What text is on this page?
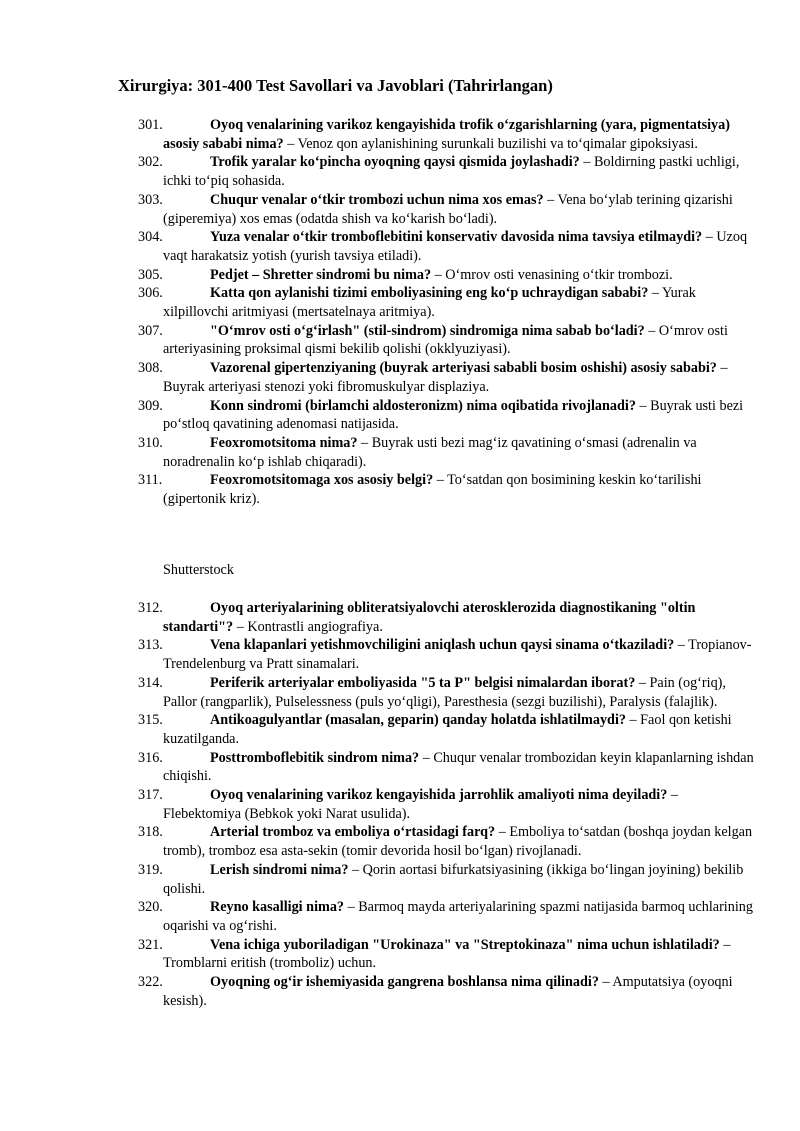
Xirurgiya: 301-400 Test Savollari va Javoblari (Tahrirlangan)
301.	Oyoq venalarining varikoz kengayishida trofik o‘zgarishlarning (yara, pigmentatsiya) asosiy sababi nima? – Venoz qon aylanishining surunkali buzilishi va to‘qimalar gipoksiyasi.
302.	Trofik yaralar ko‘pincha oyoqning qaysi qismida joylashadi? – Boldirning pastki uchligi, ichki to‘piq sohasida.
303.	Chuqur venalar o‘tkir trombozi uchun nima xos emas? – Vena bo‘ylab terining qizarishi (giperemiya) xos emas (odatda shish va ko‘karish bo‘ladi).
304.	Yuza venalar o‘tkir tromboflebitini konservativ davosida nima tavsiya etilmaydi? – Uzoq vaqt harakatsiz yotish (yurish tavsiya etiladi).
305.	Pedjet – Shretter sindromi bu nima? – O‘mrov osti venasining o‘tkir trombozi.
306.	Katta qon aylanishi tizimi emboliyasining eng ko‘p uchraydigan sababi? – Yurak xilpillovchi aritmiyasi (mertsatelnaya aritmiya).
307.	"O‘mrov osti o‘g‘irlash" (stil-sindrom) sindromiga nima sabab bo‘ladi? – O‘mrov osti arteriyasining proksimal qismi bekilib qolishi (okklyuziyasi).
308.	Vazorenal gipertenziyaning (buyrak arteriyasi sababli bosim oshishi) asosiy sababi? – Buyrak arteriyasi stenozi yoki fibromuskulyar displaziya.
309.	Konn sindromi (birlamchi aldosteronizm) nima oqibatida rivojlanadi? – Buyrak usti bezi po‘stloq qavatining adenomasi natijasida.
310.	Feoxromotsitoma nima? – Buyrak usti bezi mag‘iz qavatining o‘smasi (adrenalin va noradrenalin ko‘p ishlab chiqaradi).
311.	Feoxromotsitomaga xos asosiy belgi? – To‘satdan qon bosimining keskin ko‘tarilishi (gipertonik kriz).
Shutterstock
312.	Oyoq arteriyalarining obliteratsiyalovchi aterosklerozida diagnostikaning "oltin standarti"? – Kontrastli angiografiya.
313.	Vena klapanlari yetishmovchiligini aniqlash uchun qaysi sinama o‘tkaziladi? – Tropianov-Trendelenburg va Pratt sinamalari.
314.	Periferik arteriyalar emboliyasida "5 ta P" belgisi nimalardan iborat? – Pain (og‘riq), Pallor (rangparlik), Pulselessness (puls yo‘qligi), Paresthesia (sezgi buzilishi), Paralysis (falajlik).
315.	Antikoagulyantlar (masalan, geparin) qanday holatda ishlatilmaydi? – Faol qon ketishi kuzatilganda.
316.	Posttromboflebitik sindrom nima? – Chuqur venalar trombozidan keyin klapanlarning ishdan chiqishi.
317.	Oyoq venalarining varikoz kengayishida jarrohlik amaliyoti nima deyiladi? – Flebektomiya (Bebkok yoki Narat usulida).
318.	Arterial tromboz va emboliya o‘rtasidagi farq? – Emboliya to‘satdan (boshqa joydan kelgan tromb), tromboz esa asta-sekin (tomir devorida hosil bo‘lgan) rivojlanadi.
319.	Lerish sindromi nima? – Qorin aortasi bifurkatsiyasining (ikkiga bo‘lingan joyining) bekilib qolishi.
320.	Reyno kasalligi nima? – Barmoq mayda arteriyalarining spazmi natijasida barmoq uchlarining oqarishi va og‘rishi.
321.	Vena ichiga yuboriladigan "Urokinaza" va "Streptokinaza" nima uchun ishlatiladi? – Tromblarni eritish (tromboliz) uchun.
322.	Oyoqning og‘ir ishemiyasida gangrena boshlansa nima qilinadi? – Amputatsiya (oyoqni kesish).
